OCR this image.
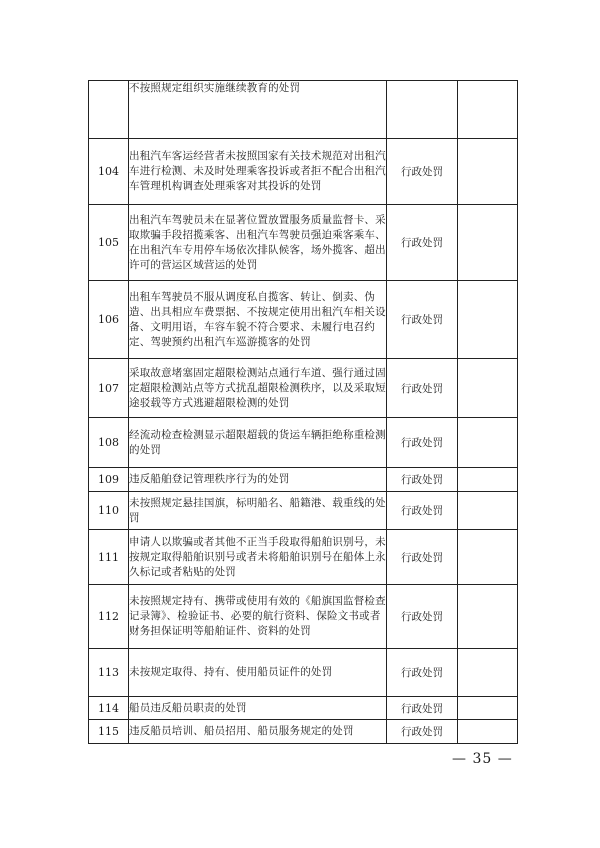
	不按照规定组织实施继续教育的处罚		
104	出租汽车客运经营者未按照国家有关技术规范对出租汽车进行检测、未及时处理乘客投诉或者拒不配合出租汽车管理机构调查处理乘客对其投诉的处罚	行政处罚	
105	出租汽车驾驶员未在显著位置放置服务质量监督卡、采取欺骗手段招揽乘客、出租汽车驾驶员强迫乘客乘车、在出租汽车专用停车场依次排队候客，场外揽客、超出许可的营运区域营运的处罚	行政处罚	
106	出租车驾驶员不服从调度私自揽客、转让、倒卖、伪造、出具相应车费票据、不按规定使用出租汽车相关设备、文明用语，车容车貌不符合要求、未履行电召约定、驾驶预约出租汽车巡游揽客的处罚	行政处罚	
107	采取故意堵塞固定超限检测站点通行车道、强行通过固定超限检测站点等方式扰乱超限检测秩序，以及采取短途驳载等方式逃避超限检测的处罚	行政处罚	
108	经流动检查检测显示超限超载的货运车辆拒绝称重检测的处罚	行政处罚	
109	违反船舶登记管理秩序行为的处罚	行政处罚	
110	未按照规定悬挂国旗，标明船名、船籍港、载重线的处罚	行政处罚	
111	申请人以欺骗或者其他不正当手段取得船舶识别号，未按规定取得船舶识别号或者未将船舶识别号在船体上永久标记或者粘贴的处罚	行政处罚	
112	未按照规定持有、携带或使用有效的《船旗国监督检查记录簿》、检验证书、必要的航行资料、保险文书或者财务担保证明等船舶证件、资料的处罚	行政处罚	
113	未按规定取得、持有、使用船员证件的处罚	行政处罚	
114	船员违反船员职责的处罚	行政处罚	
115	违反船员培训、船员招用、船员服务规定的处罚	行政处罚	
— 35 —
